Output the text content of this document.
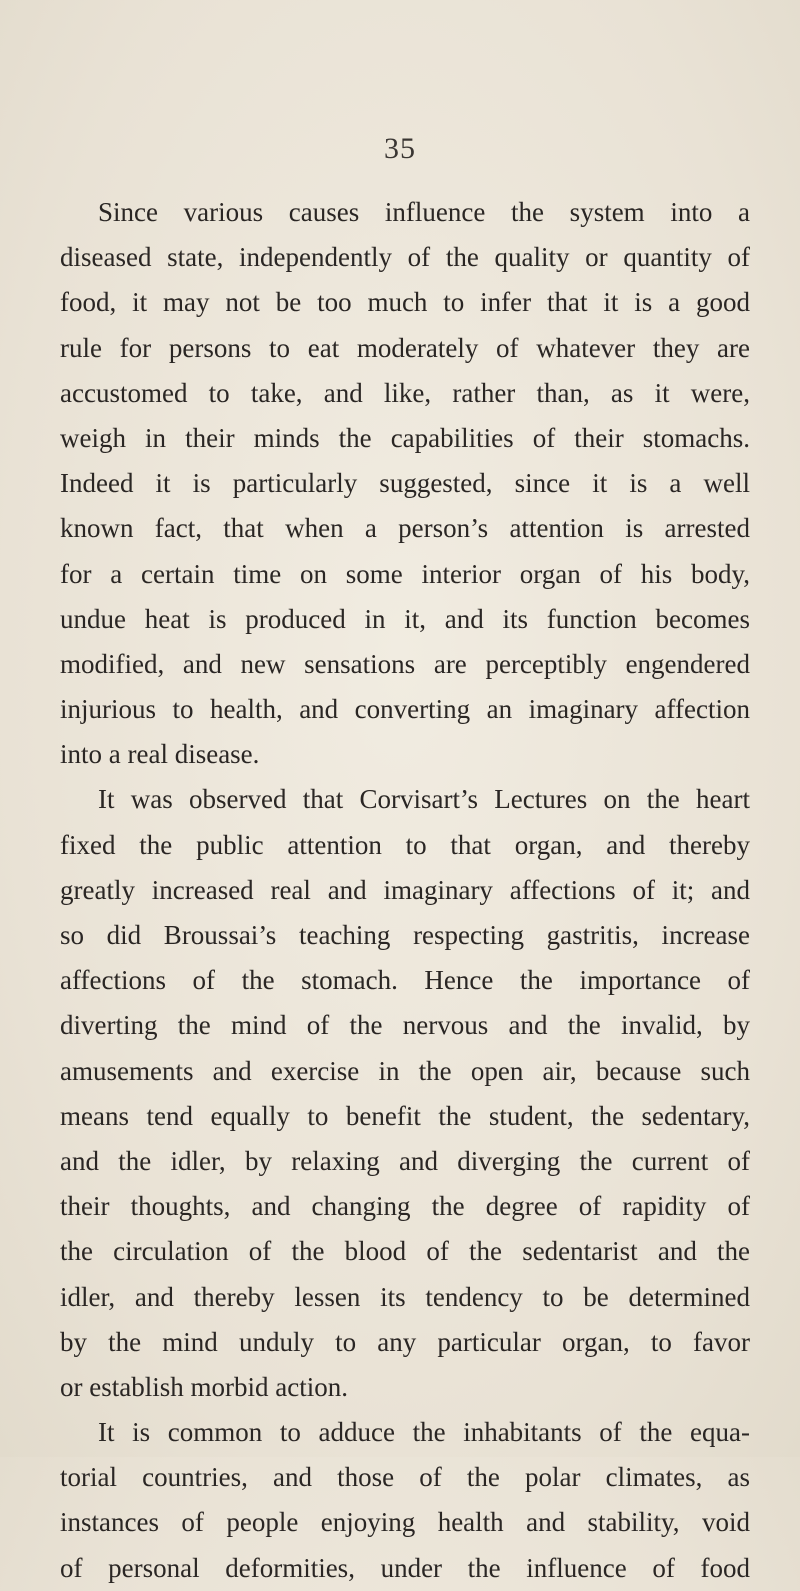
35
Since various causes influence the system into a
diseased state, independently of the quality or quantity of
food, it may not be too much to infer that it is a good
rule for persons to eat moderately of whatever they are
accustomed to take, and like, rather than, as it were,
weigh in their minds the capabilities of their stomachs.
Indeed it is particularly suggested, since it is a well
known fact, that when a person’s attention is arrested
for a certain time on some interior organ of his body,
undue heat is produced in it, and its function becomes
modified, and new sensations are perceptibly engendered
injurious to health, and converting an imaginary affection
into a real disease.
It was observed that Corvisart’s Lectures on the heart
fixed the public attention to that organ, and thereby
greatly increased real and imaginary affections of it; and
so did Broussai’s teaching respecting gastritis, increase
affections of the stomach. Hence the importance of
diverting the mind of the nervous and the invalid, by
amusements and exercise in the open air, because such
means tend equally to benefit the student, the sedentary,
and the idler, by relaxing and diverging the current of
their thoughts, and changing the degree of rapidity of
the circulation of the blood of the sedentarist and the
idler, and thereby lessen its tendency to be determined
by the mind unduly to any particular organ, to favor
or establish morbid action.
It is common to adduce the inhabitants of the equa-
torial countries, and those of the polar climates, as
instances of people enjoying health and stability, void
of personal deformities, under the influence of food
